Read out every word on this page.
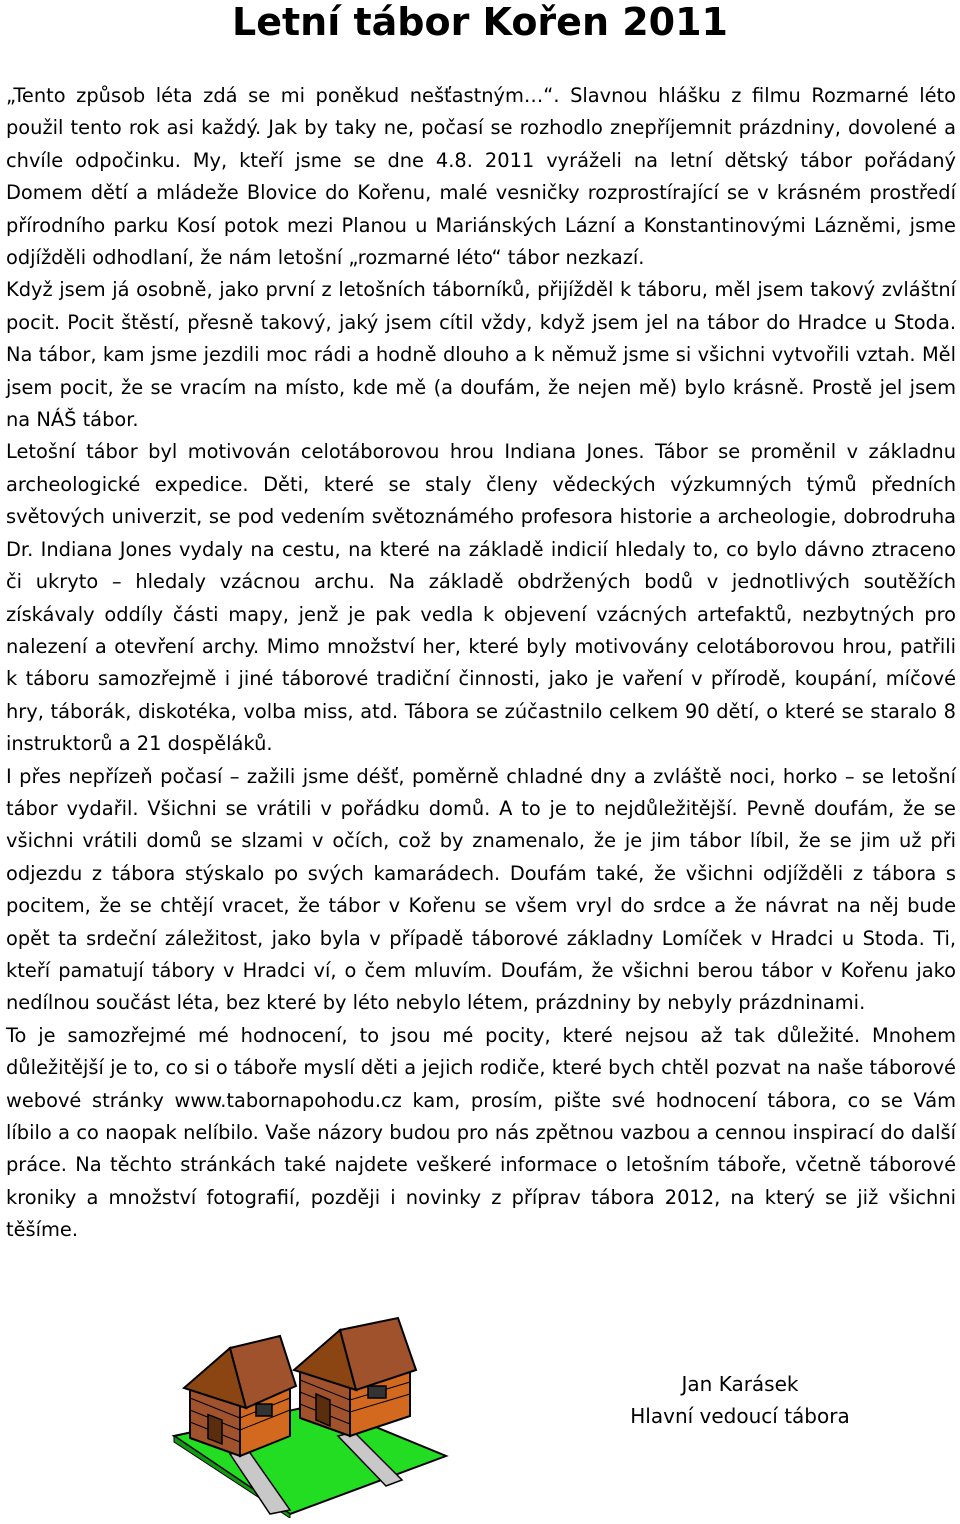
Letní tábor Kořen 2011

„Tento způsob léta zdá se mi poněkud nešťastným…“. Slavnou hlášku z filmu Rozmarné léto použil tento rok asi každý. Jak by taky ne, počasí se rozhodlo znepříjemnit prázdniny, dovolené a chvíle odpočinku. My, kteří jsme se dne 4.8. 2011 vyráželi na letní dětský tábor pořádaný Domem dětí a mládeže Blovice do Kořenu, malé vesničky rozprostírající se v krásném prostředí přírodního parku Kosí potok mezi Planou u Mariánských Lázní a Konstantinovými Lázněmi, jsme odjížděli odhodlaní, že nám letošní „rozmarné léto“ tábor nezkazí.

Když jsem já osobně, jako první z letošních táborníků, přijížděl k táboru, měl jsem takový zvláštní pocit. Pocit štěstí, přesně takový, jaký jsem cítil vždy, když jsem jel na tábor do Hradce u Stoda. Na tábor, kam jsme jezdili moc rádi a hodně dlouho a k němuž jsme si všichni vytvořili vztah. Měl jsem pocit, že se vracím na místo, kde mě (a doufám, že nejen mě) bylo krásně. Prostě jel jsem na NÁŠ tábor.

Letošní tábor byl motivován celotáborovou hrou Indiana Jones. Tábor se proměnil v základnu archeologické expedice. Děti, které se staly členy vědeckých výzkumných týmů předních světových univerzit, se pod vedením světoznámého profesora historie a archeologie, dobrodruha Dr. Indiana Jones vydaly na cestu, na které na základě indicií hledaly to, co bylo dávno ztraceno či ukryto – hledaly vzácnou archu. Na základě obdržených bodů v jednotlivých soutěžích získávaly oddíly části mapy, jenž je pak vedla k objevení vzácných artefaktů, nezbytných pro nalezení a otevření archy. Mimo množství her, které byly motivovány celotáborovou hrou, patřili k táboru samozřejmě i jiné táborové tradiční činnosti, jako je vaření v přírodě, koupání, míčové hry, táborák, diskotéka, volba miss, atd. Tábora se zúčastnilo celkem 90 dětí, o které se staralo 8 instruktorů a 21 dospěláků.

I přes nepřízeň počasí – zažili jsme déšť, poměrně chladné dny a zvláště noci, horko – se letošní tábor vydařil. Všichni se vrátili v pořádku domů. A to je to nejdůležitější. Pevně doufám, že se všichni vrátili domů se slzami v očích, což by znamenalo, že je jim tábor líbil, že se jim už při odjezdu z tábora stýskalo po svých kamarádech. Doufám také, že všichni odjížděli z tábora s pocitem, že se chtějí vracet, že tábor v Kořenu se všem vryl do srdce a že návrat na něj bude opět ta srdeční záležitost, jako byla v případě táborové základny Lomíček v Hradci u Stoda. Ti, kteří pamatují tábory v Hradci ví, o čem mluvím. Doufám, že všichni berou tábor v Kořenu jako nedílnou součást léta, bez které by léto nebylo létem, prázdniny by nebyly prázdninami.

To je samozřejmé mé hodnocení, to jsou mé pocity, které nejsou až tak důležité. Mnohem důležitější je to, co si o táboře myslí děti a jejich rodiče, které bych chtěl pozvat na naše táborové webové stránky www.tabornapohodu.cz kam, prosím, pište své hodnocení tábora, co se Vám líbilo a co naopak nelíbilo. Vaše názory budou pro nás zpětnou vazbou a cennou inspirací do další práce. Na těchto stránkách také najdete veškeré informace o letošním táboře, včetně táborové kroniky a množství fotografií, později i novinky z příprav tábora 2012, na který se již všichni těšíme.

Jan Karásek
Hlavní vedoucí tábora
